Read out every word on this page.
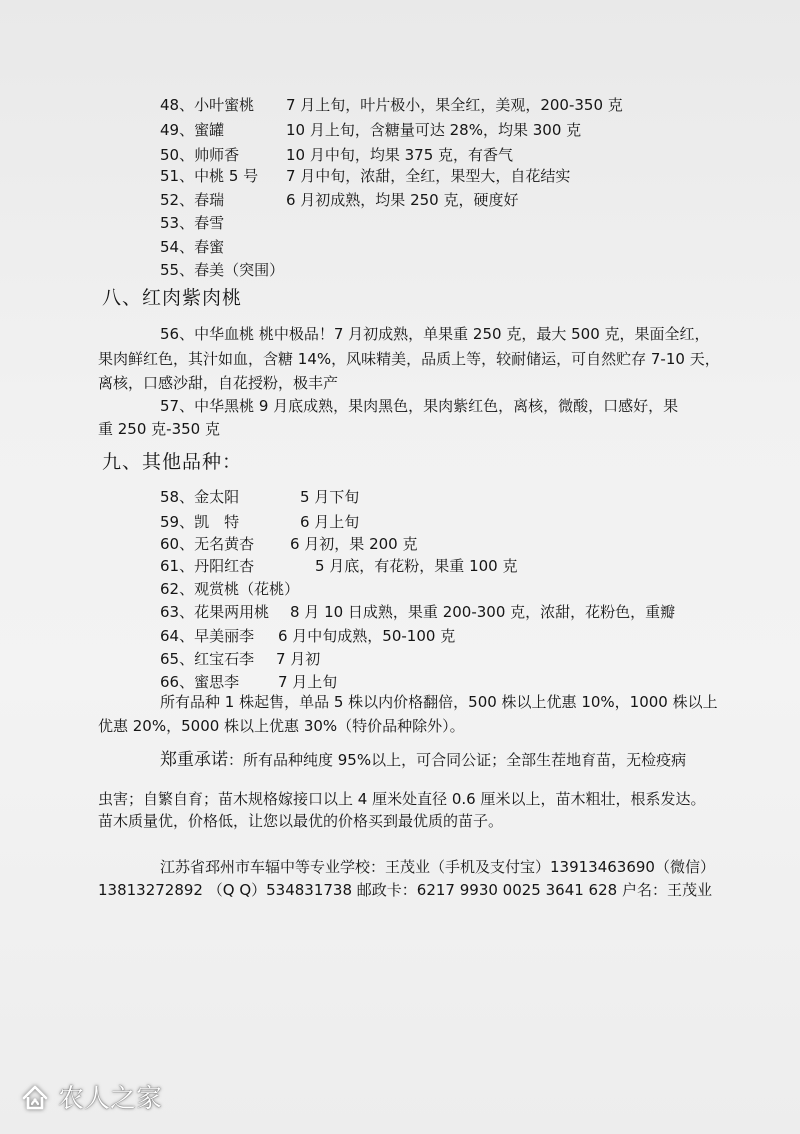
48、小叶蜜桃 7 月上旬，叶片极小，果全红，美观，200-350 克
49、蜜罐	10 月上旬，含糖量可达 28%，均果 300 克
50、帅师香	10 月中旬，均果 375 克，有香气
51、中桃 5 号 7 月中旬，浓甜，全红，果型大，自花结实
52、春瑞	6 月初成熟，均果 250 克，硬度好
53、春雪
54、春蜜
55、春美（突围）
八、红肉紫肉桃
56、中华血桃 桃中极品！7 月初成熟，单果重 250 克，最大 500 克，果面全红，
果肉鲜红色，其汁如血，含糖 14%，风味精美，品质上等，较耐储运，可自然贮存 7-10 天，
离核，口感沙甜，自花授粉，极丰产
57、中华黑桃 9 月底成熟，果肉黑色，果肉紫红色，离核，微酸，口感好，果
重 250 克-350 克
九、其他品种：
58、金太阳	5 月下旬
59、凯　特	6 月上旬
60、无名黄杏 6 月初，果 200 克
61、丹阳红杏	5 月底，有花粉，果重 100 克
62、观赏桃（花桃）
63、花果两用桃 8 月 10 日成熟，果重 200-300 克，浓甜，花粉色，重瓣
64、早美丽李 6 月中旬成熟，50-100 克
65、红宝石李 7 月初
66、蜜思李	7 月上旬
所有品种 1 株起售，单品 5 株以内价格翻倍，500 株以上优惠 10%，1000 株以上
优惠 20%，5000 株以上优惠 30%（特价品种除外）。
郑重承诺：所有品种纯度 95%以上，可合同公证；全部生茬地育苗，无检疫病
虫害；自繁自育；苗木规格嫁接口以上 4 厘米处直径 0.6 厘米以上，苗木粗壮，根系发达。
苗木质量优，价格低，让您以最优的价格买到最优质的苗子。
江苏省邳州市车辐中等专业学校：王茂业（手机及支付宝）13913463690（微信）
13813272892 （Q Q）534831738 邮政卡：6217 9930 0025 3641 628 户名：王茂业
农人之家
